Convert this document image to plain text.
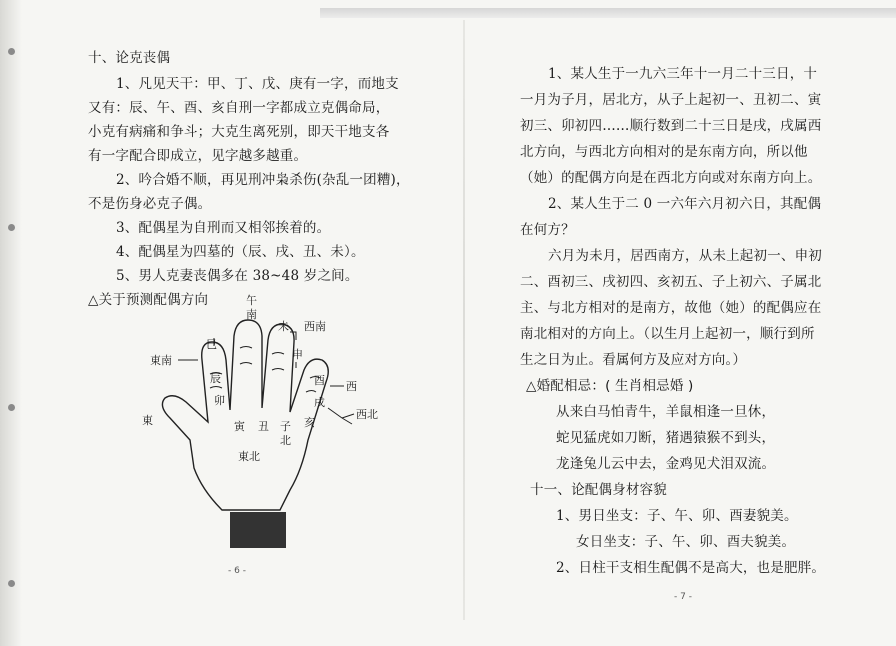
十、论克丧偶
1、凡见天干：甲、丁、戊、庚有一字，而地支
又有：辰、午、酉、亥自刑一字都成立克偶命局，
小克有病痛和争斗；大克生离死别，即天干地支各
有一字配合即成立，见字越多越重。
2、吟合婚不顺，再见刑冲枭杀伤(杂乱一团糟)，
不是伤身必克子偶。
3、配偶星为自刑而又相邻挨着的。
4、配偶星为四墓的（辰、戌、丑、未）。
5、男人克妻丧偶多在 38~48 岁之间。
△关于预测配偶方向	午
南
未 西南
申
酉 西
戌
西北
亥
子
北
丑
寅
東北
巳
辰
卯
東南
東
- 6 -
1、某人生于一九六三年十一月二十三日，十
一月为子月，居北方，从子上起初一、丑初二、寅
初三、卯初四……顺行数到二十三日是戌，戌属西
北方向，与西北方向相对的是东南方向，所以他
（她）的配偶方向是在西北方向或对东南方向上。
2、某人生于二 0 一六年六月初六日，其配偶
在何方？
六月为未月，居西南方，从未上起初一、申初
二、酉初三、戌初四、亥初五、子上初六、子属北
主、与北方相对的是南方，故他（她）的配偶应在
南北相对的方向上。（以生月上起初一，顺行到所
生之日为止。看属何方及应对方向。）
△婚配相忌：( 生肖相忌婚 )
从来白马怕青牛，羊鼠相逢一旦休，
蛇见猛虎如刀断，猪遇猿猴不到头，
龙逢兔儿云中去，金鸡见犬泪双流。
十一、论配偶身材容貌
1、男日坐支：子、午、卯、酉妻貌美。
女日坐支：子、午、卯、酉夫貌美。
2、日柱干支相生配偶不是高大，也是肥胖。
- 7 -
